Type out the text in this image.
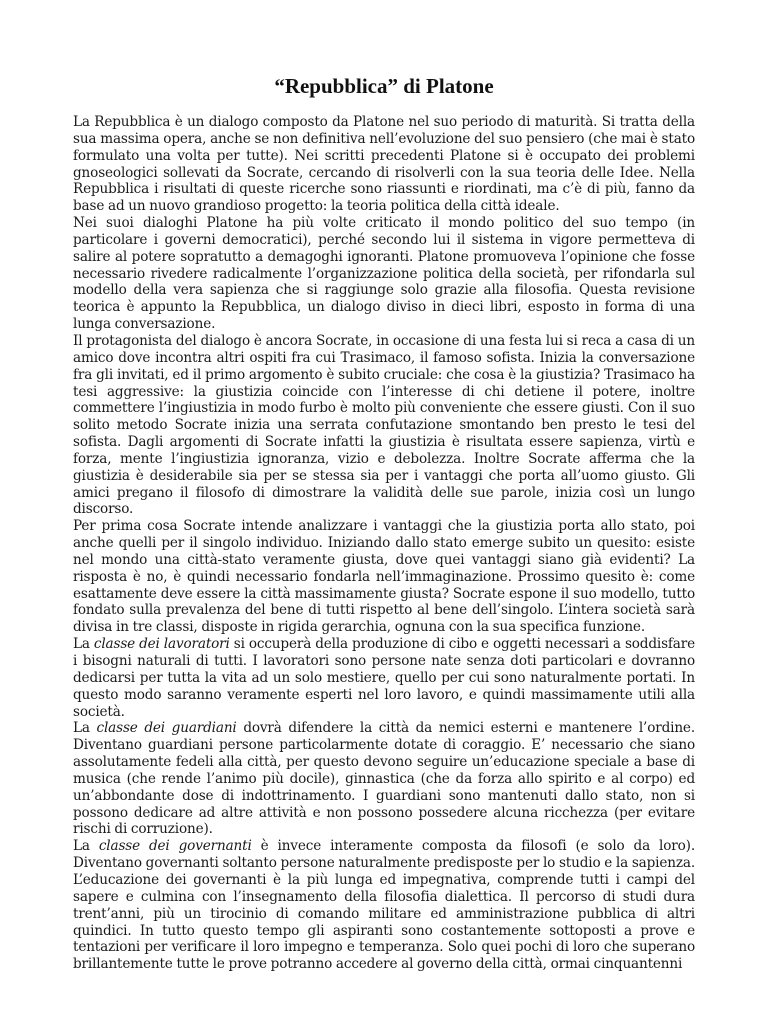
“Repubblica” di Platone

La Repubblica è un dialogo composto da Platone nel suo periodo di maturità. Si tratta della sua massima opera, anche se non definitiva nell’evoluzione del suo pensiero (che mai è stato formulato una volta per tutte). Nei scritti precedenti Platone si è occupato dei problemi gnoseologici sollevati da Socrate, cercando di risolverli con la sua teoria delle Idee. Nella Repubblica i risultati di queste ricerche sono riassunti e riordinati, ma c’è di più, fanno da base ad un nuovo grandioso progetto: la teoria politica della città ideale.

Nei suoi dialoghi Platone ha più volte criticato il mondo politico del suo tempo (in particolare i governi democratici), perché secondo lui il sistema in vigore permetteva di salire al potere sopratutto a demagoghi ignoranti. Platone promuoveva l’opinione che fosse necessario rivedere radicalmente l’organizzazione politica della società, per rifondarla sul modello della vera sapienza che si raggiunge solo grazie alla filosofia. Questa revisione teorica è appunto la Repubblica, un dialogo diviso in dieci libri, esposto in forma di una lunga conversazione.

Il protagonista del dialogo è ancora Socrate, in occasione di una festa lui si reca a casa di un amico dove incontra altri ospiti fra cui Trasimaco, il famoso sofista. Inizia la conversazione fra gli invitati, ed il primo argomento è subito cruciale: che cosa è la giustizia? Trasimaco ha tesi aggressive: la giustizia coincide con l’interesse di chi detiene il potere, inoltre commettere l’ingiustizia in modo furbo è molto più conveniente che essere giusti. Con il suo solito metodo Socrate inizia una serrata confutazione smontando ben presto le tesi del sofista. Dagli argomenti di Socrate infatti la giustizia è risultata essere sapienza, virtù e forza, mente l’ingiustizia ignoranza, vizio e debolezza. Inoltre Socrate afferma che la giustizia è desiderabile sia per se stessa sia per i vantaggi che porta all’uomo giusto. Gli amici pregano il filosofo di dimostrare la validità delle sue parole, inizia così un lungo discorso.

Per prima cosa Socrate intende analizzare i vantaggi che la giustizia porta allo stato, poi anche quelli per il singolo individuo. Iniziando dallo stato emerge subito un quesito: esiste nel mondo una città-stato veramente giusta, dove quei vantaggi siano già evidenti? La risposta è no, è quindi necessario fondarla nell’immaginazione. Prossimo quesito è: come esattamente deve essere la città massimamente giusta? Socrate espone il suo modello, tutto fondato sulla prevalenza del bene di tutti rispetto al bene dell’singolo. L’intera società sarà divisa in tre classi, disposte in rigida gerarchia, ognuna con la sua specifica funzione.

La classe dei lavoratori si occuperà della produzione di cibo e oggetti necessari a soddisfare i bisogni naturali di tutti. I lavoratori sono persone nate senza doti particolari e dovranno dedicarsi per tutta la vita ad un solo mestiere, quello per cui sono naturalmente portati. In questo modo saranno veramente esperti nel loro lavoro, e quindi massimamente utili alla società.

La classe dei guardiani dovrà difendere la città da nemici esterni e mantenere l’ordine. Diventano guardiani persone particolarmente dotate di coraggio. E’ necessario che siano assolutamente fedeli alla città, per questo devono seguire un’educazione speciale a base di musica (che rende l’animo più docile), ginnastica (che da forza allo spirito e al corpo) ed un’abbondante dose di indottrinamento. I guardiani sono mantenuti dallo stato, non si possono dedicare ad altre attività e non possono possedere alcuna ricchezza (per evitare rischi di corruzione).

La classe dei governanti è invece interamente composta da filosofi (e solo da loro). Diventano governanti soltanto persone naturalmente predisposte per lo studio e la sapienza. L’educazione dei governanti è la più lunga ed impegnativa, comprende tutti i campi del sapere e culmina con l’insegnamento della filosofia dialettica. Il percorso di studi dura trent’anni, più un tirocinio di comando militare ed amministrazione pubblica di altri quindici. In tutto questo tempo gli aspiranti sono costantemente sottoposti a prove e tentazioni per verificare il loro impegno e temperanza. Solo quei pochi di loro che superano brillantemente tutte le prove potranno accedere al governo della città, ormai cinquantenni
